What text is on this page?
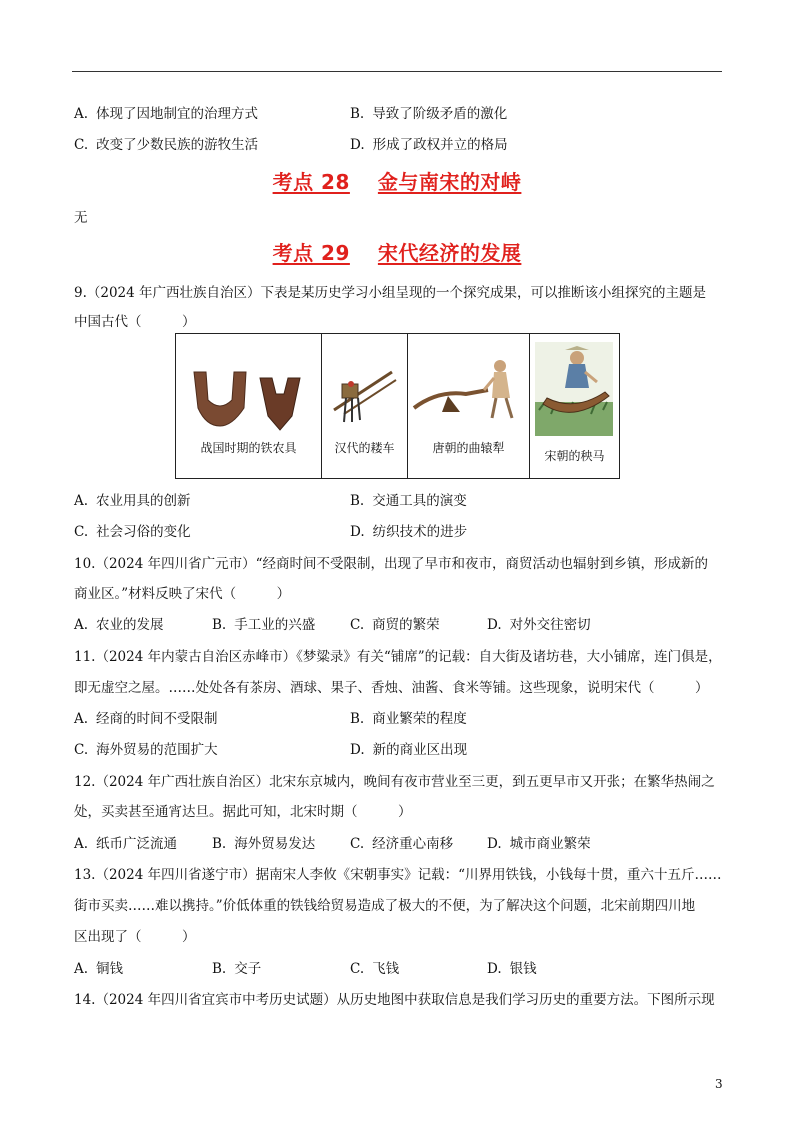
A. 体现了因地制宜的治理方式	B. 导致了阶级矛盾的激化
C. 改变了少数民族的游牧生活	D. 形成了政权并立的格局
考点 28 金与南宋的对峙
无
考点 29 宋代经济的发展
9.（2024 年广西壮族自治区）下表是某历史学习小组呈现的一个探究成果，可以推断该小组探究的主题是
中国古代（　　　）
战国时期的铁农具	汉代的耧车	唐朝的曲辕犁
宋朝的秧马
A. 农业用具的创新	B. 交通工具的演变
C. 社会习俗的变化	D. 纺织技术的进步
10.（2024 年四川省广元市）“经商时间不受限制，出现了早市和夜市，商贸活动也辐射到乡镇，形成新的
商业区。”材料反映了宋代（　　　）
A. 农业的发展	B. 手工业的兴盛	C. 商贸的繁荣	D. 对外交往密切
11.（2024 年内蒙古自治区赤峰市）《梦粱录》有关“铺席”的记载：自大街及诸坊巷，大小铺席，连门俱是，
即无虚空之屋。……处处各有茶房、酒球、果子、香烛、油酱、食米等铺。这些现象，说明宋代（　　　）
A. 经商的时间不受限制	B. 商业繁荣的程度
C. 海外贸易的范围扩大	D. 新的商业区出现
12.（2024 年广西壮族自治区）北宋东京城内，晚间有夜市营业至三更，到五更早市又开张；在繁华热闹之
处，买卖甚至通宵达旦。据此可知，北宋时期（　　　）
A. 纸币广泛流通	B. 海外贸易发达	C. 经济重心南移	D. 城市商业繁荣
13.（2024 年四川省遂宁市）据南宋人李攸《宋朝事实》记载：“川界用铁钱，小钱每十贯，重六十五斤……
街市买卖……难以携持。”价低体重的铁钱给贸易造成了极大的不便，为了解决这个问题，北宋前期四川地
区出现了（　　　）
A. 铜钱	B. 交子	C. 飞钱	D. 银钱
14.（2024 年四川省宜宾市中考历史试题）从历史地图中获取信息是我们学习历史的重要方法。下图所示现
3
